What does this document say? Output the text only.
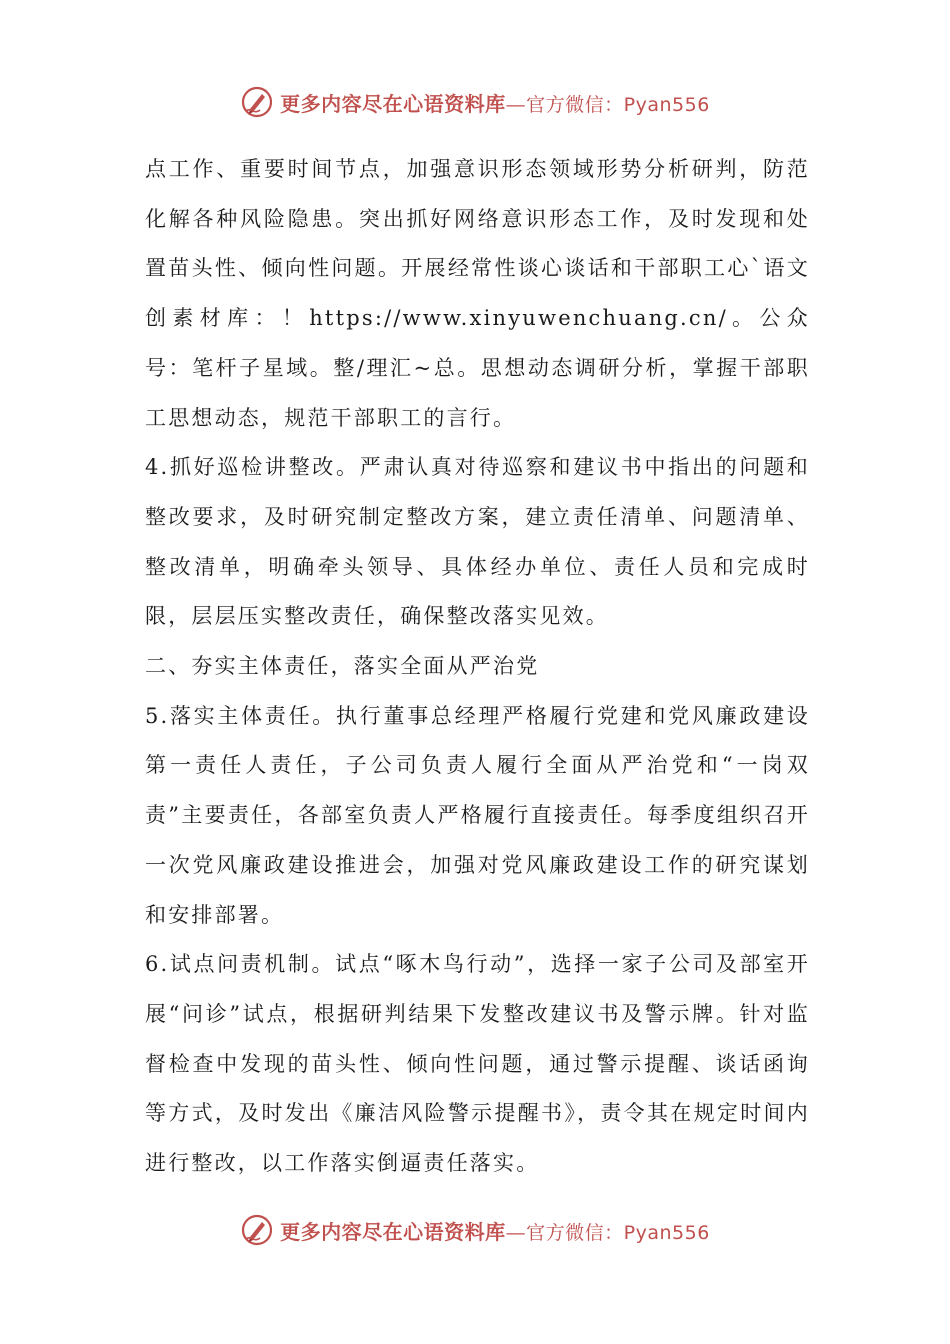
更多内容尽在心语资料库—官方微信：Pyan556

点工作、重要时间节点，加强意识形态领域形势分析研判，防范化解各种风险隐患。突出抓好网络意识形态工作，及时发现和处置苗头性、倾向性问题。开展经常性谈心谈话和干部职工心`语文创素材库：！https://www.xinyuwenchuang.cn/。公众号：笔杆子星域。整/理汇~总。思想动态调研分析，掌握干部职工思想动态，规范干部职工的言行。

4.抓好巡检讲整改。严肃认真对待巡察和建议书中指出的问题和整改要求，及时研究制定整改方案，建立责任清单、问题清单、整改清单，明确牵头领导、具体经办单位、责任人员和完成时限，层层压实整改责任，确保整改落实见效。

二、夯实主体责任，落实全面从严治党

5.落实主体责任。执行董事总经理严格履行党建和党风廉政建设第一责任人责任，子公司负责人履行全面从严治党和“一岗双责”主要责任，各部室负责人严格履行直接责任。每季度组织召开一次党风廉政建设推进会，加强对党风廉政建设工作的研究谋划和安排部署。

6.试点问责机制。试点“啄木鸟行动”，选择一家子公司及部室开展“问诊”试点，根据研判结果下发整改建议书及警示牌。针对监督检查中发现的苗头性、倾向性问题，通过警示提醒、谈话函询等方式，及时发出《廉洁风险警示提醒书》，责令其在规定时间内进行整改，以工作落实倒逼责任落实。

更多内容尽在心语资料库—官方微信：Pyan556
